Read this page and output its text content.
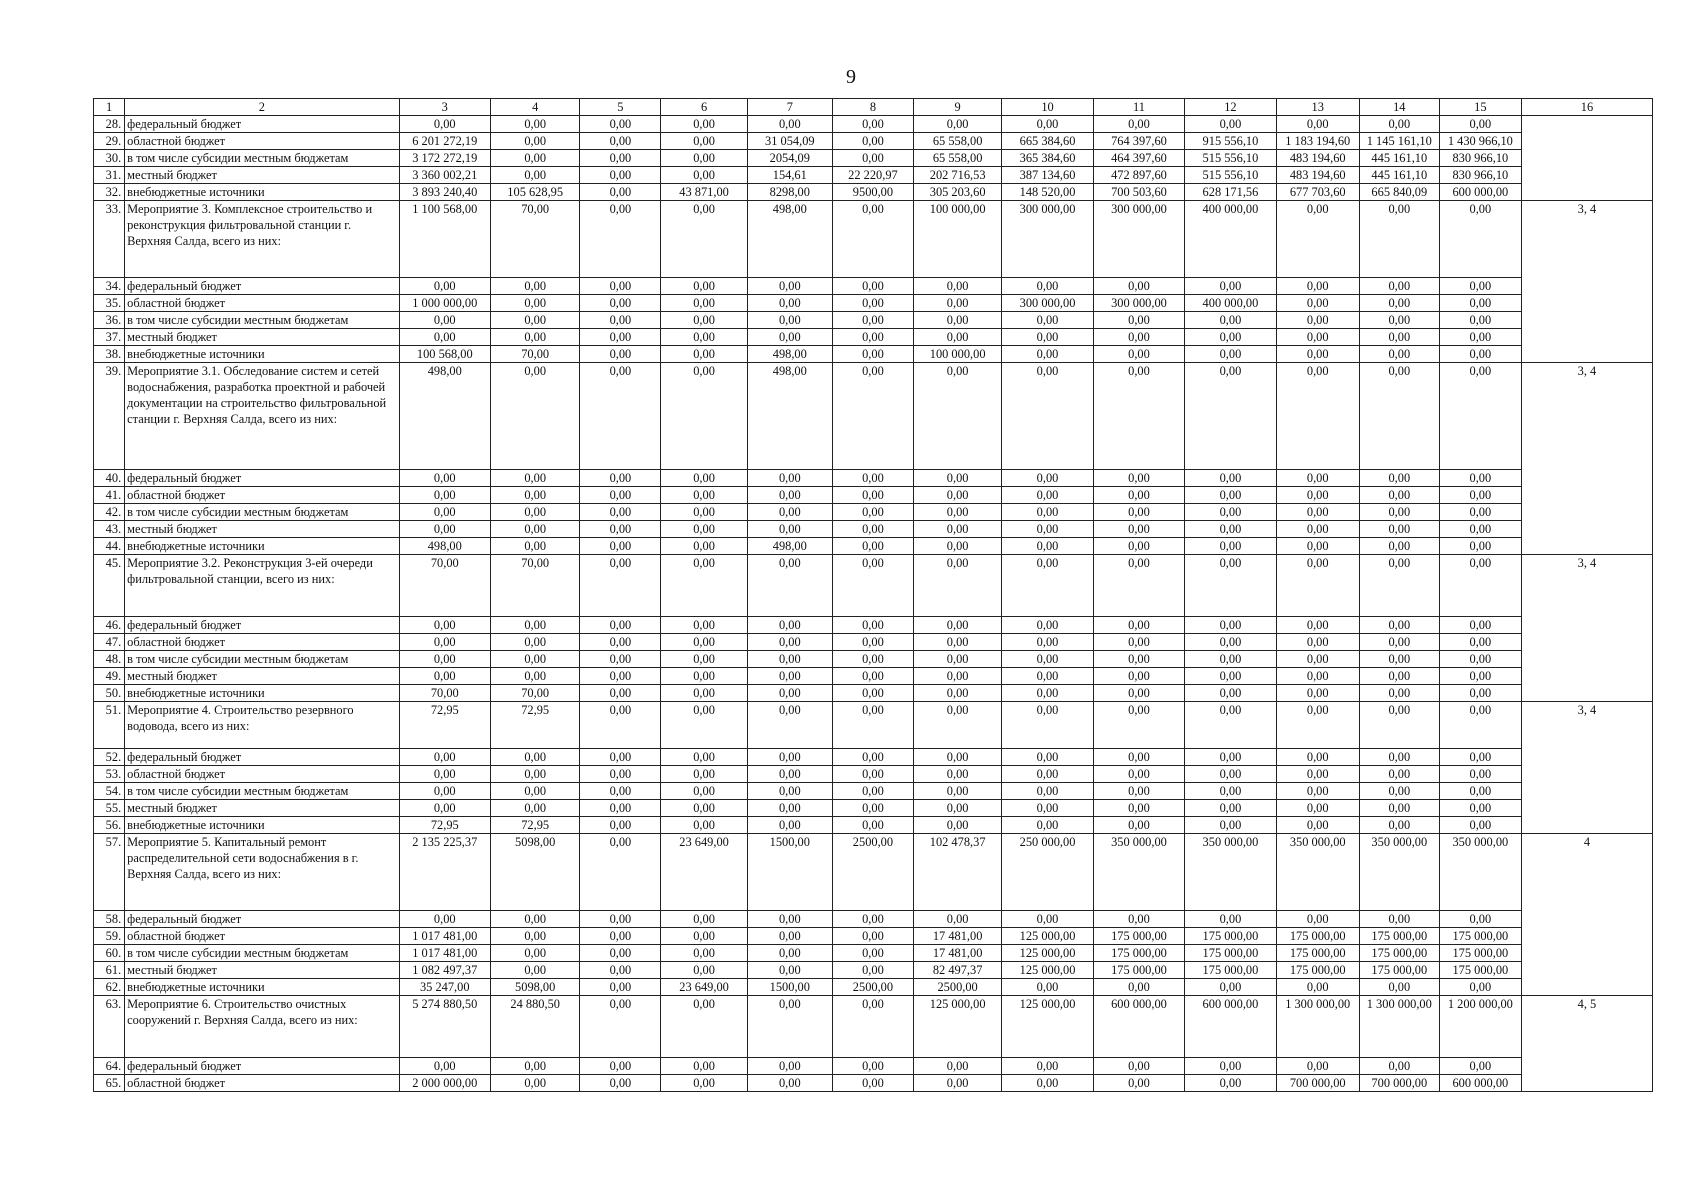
9
1	2	3	4	5	6	7	8	9	10	11	12	13	14	15	16
28.	федеральный бюджет	0,00	0,00	0,00	0,00	0,00	0,00	0,00	0,00	0,00	0,00	0,00	0,00	0,00	
29.	областной бюджет	6 201 272,19	0,00	0,00	0,00	31 054,09	0,00	65 558,00	665 384,60	764 397,60	915 556,10	1 183 194,60	1 145 161,10	1 430 966,10	
30.	в том числе субсидии местным бюджетам	3 172 272,19	0,00	0,00	0,00	2054,09	0,00	65 558,00	365 384,60	464 397,60	515 556,10	483 194,60	445 161,10	830 966,10	
31.	местный бюджет	3 360 002,21	0,00	0,00	0,00	154,61	22 220,97	202 716,53	387 134,60	472 897,60	515 556,10	483 194,60	445 161,10	830 966,10	
32.	внебюджетные источники	3 893 240,40	105 628,95	0,00	43 871,00	8298,00	9500,00	305 203,60	148 520,00	700 503,60	628 171,56	677 703,60	665 840,09	600 000,00	
33.	Мероприятие 3. Комплексное строительство и реконструкция фильтровальной станции г. Верхняя Салда, всего из них:	1 100 568,00	70,00	0,00	0,00	498,00	0,00	100 000,00	300 000,00	300 000,00	400 000,00	0,00	0,00	0,00	3, 4
34.	федеральный бюджет	0,00	0,00	0,00	0,00	0,00	0,00	0,00	0,00	0,00	0,00	0,00	0,00	0,00	
35.	областной бюджет	1 000 000,00	0,00	0,00	0,00	0,00	0,00	0,00	300 000,00	300 000,00	400 000,00	0,00	0,00	0,00	
36.	в том числе субсидии местным бюджетам	0,00	0,00	0,00	0,00	0,00	0,00	0,00	0,00	0,00	0,00	0,00	0,00	0,00	
37.	местный бюджет	0,00	0,00	0,00	0,00	0,00	0,00	0,00	0,00	0,00	0,00	0,00	0,00	0,00	
38.	внебюджетные источники	100 568,00	70,00	0,00	0,00	498,00	0,00	100 000,00	0,00	0,00	0,00	0,00	0,00	0,00	
39.	Мероприятие 3.1. Обследование систем и сетей водоснабжения, разработка проектной и рабочей документации на строительство фильтровальной станции г. Верхняя Салда, всего из них:	498,00	0,00	0,00	0,00	498,00	0,00	0,00	0,00	0,00	0,00	0,00	0,00	0,00	3, 4
40.	федеральный бюджет	0,00	0,00	0,00	0,00	0,00	0,00	0,00	0,00	0,00	0,00	0,00	0,00	0,00	
41.	областной бюджет	0,00	0,00	0,00	0,00	0,00	0,00	0,00	0,00	0,00	0,00	0,00	0,00	0,00	
42.	в том числе субсидии местным бюджетам	0,00	0,00	0,00	0,00	0,00	0,00	0,00	0,00	0,00	0,00	0,00	0,00	0,00	
43.	местный бюджет	0,00	0,00	0,00	0,00	0,00	0,00	0,00	0,00	0,00	0,00	0,00	0,00	0,00	
44.	внебюджетные источники	498,00	0,00	0,00	0,00	498,00	0,00	0,00	0,00	0,00	0,00	0,00	0,00	0,00	
45.	Мероприятие 3.2. Реконструкция 3-ей очереди фильтровальной станции, всего из них:	70,00	70,00	0,00	0,00	0,00	0,00	0,00	0,00	0,00	0,00	0,00	0,00	0,00	3, 4
46.	федеральный бюджет	0,00	0,00	0,00	0,00	0,00	0,00	0,00	0,00	0,00	0,00	0,00	0,00	0,00	
47.	областной бюджет	0,00	0,00	0,00	0,00	0,00	0,00	0,00	0,00	0,00	0,00	0,00	0,00	0,00	
48.	в том числе субсидии местным бюджетам	0,00	0,00	0,00	0,00	0,00	0,00	0,00	0,00	0,00	0,00	0,00	0,00	0,00	
49.	местный бюджет	0,00	0,00	0,00	0,00	0,00	0,00	0,00	0,00	0,00	0,00	0,00	0,00	0,00	
50.	внебюджетные источники	70,00	70,00	0,00	0,00	0,00	0,00	0,00	0,00	0,00	0,00	0,00	0,00	0,00	
51.	Мероприятие 4. Строительство резервного водовода, всего из них:	72,95	72,95	0,00	0,00	0,00	0,00	0,00	0,00	0,00	0,00	0,00	0,00	0,00	3, 4
52.	федеральный бюджет	0,00	0,00	0,00	0,00	0,00	0,00	0,00	0,00	0,00	0,00	0,00	0,00	0,00	
53.	областной бюджет	0,00	0,00	0,00	0,00	0,00	0,00	0,00	0,00	0,00	0,00	0,00	0,00	0,00	
54.	в том числе субсидии местным бюджетам	0,00	0,00	0,00	0,00	0,00	0,00	0,00	0,00	0,00	0,00	0,00	0,00	0,00	
55.	местный бюджет	0,00	0,00	0,00	0,00	0,00	0,00	0,00	0,00	0,00	0,00	0,00	0,00	0,00	
56.	внебюджетные источники	72,95	72,95	0,00	0,00	0,00	0,00	0,00	0,00	0,00	0,00	0,00	0,00	0,00	
57.	Мероприятие 5. Капитальный ремонт распределительной сети водоснабжения в г. Верхняя Салда, всего из них:	2 135 225,37	5098,00	0,00	23 649,00	1500,00	2500,00	102 478,37	250 000,00	350 000,00	350 000,00	350 000,00	350 000,00	350 000,00	4
58.	федеральный бюджет	0,00	0,00	0,00	0,00	0,00	0,00	0,00	0,00	0,00	0,00	0,00	0,00	0,00	
59.	областной бюджет	1 017 481,00	0,00	0,00	0,00	0,00	0,00	17 481,00	125 000,00	175 000,00	175 000,00	175 000,00	175 000,00	175 000,00	
60.	в том числе субсидии местным бюджетам	1 017 481,00	0,00	0,00	0,00	0,00	0,00	17 481,00	125 000,00	175 000,00	175 000,00	175 000,00	175 000,00	175 000,00	
61.	местный бюджет	1 082 497,37	0,00	0,00	0,00	0,00	0,00	82 497,37	125 000,00	175 000,00	175 000,00	175 000,00	175 000,00	175 000,00	
62.	внебюджетные источники	35 247,00	5098,00	0,00	23 649,00	1500,00	2500,00	2500,00	0,00	0,00	0,00	0,00	0,00	0,00	
63.	Мероприятие 6. Строительство очистных сооружений г. Верхняя Салда, всего из них:	5 274 880,50	24 880,50	0,00	0,00	0,00	0,00	125 000,00	125 000,00	600 000,00	600 000,00	1 300 000,00	1 300 000,00	1 200 000,00	4, 5
64.	федеральный бюджет	0,00	0,00	0,00	0,00	0,00	0,00	0,00	0,00	0,00	0,00	0,00	0,00	0,00	
65.	областной бюджет	2 000 000,00	0,00	0,00	0,00	0,00	0,00	0,00	0,00	0,00	0,00	700 000,00	700 000,00	600 000,00	
